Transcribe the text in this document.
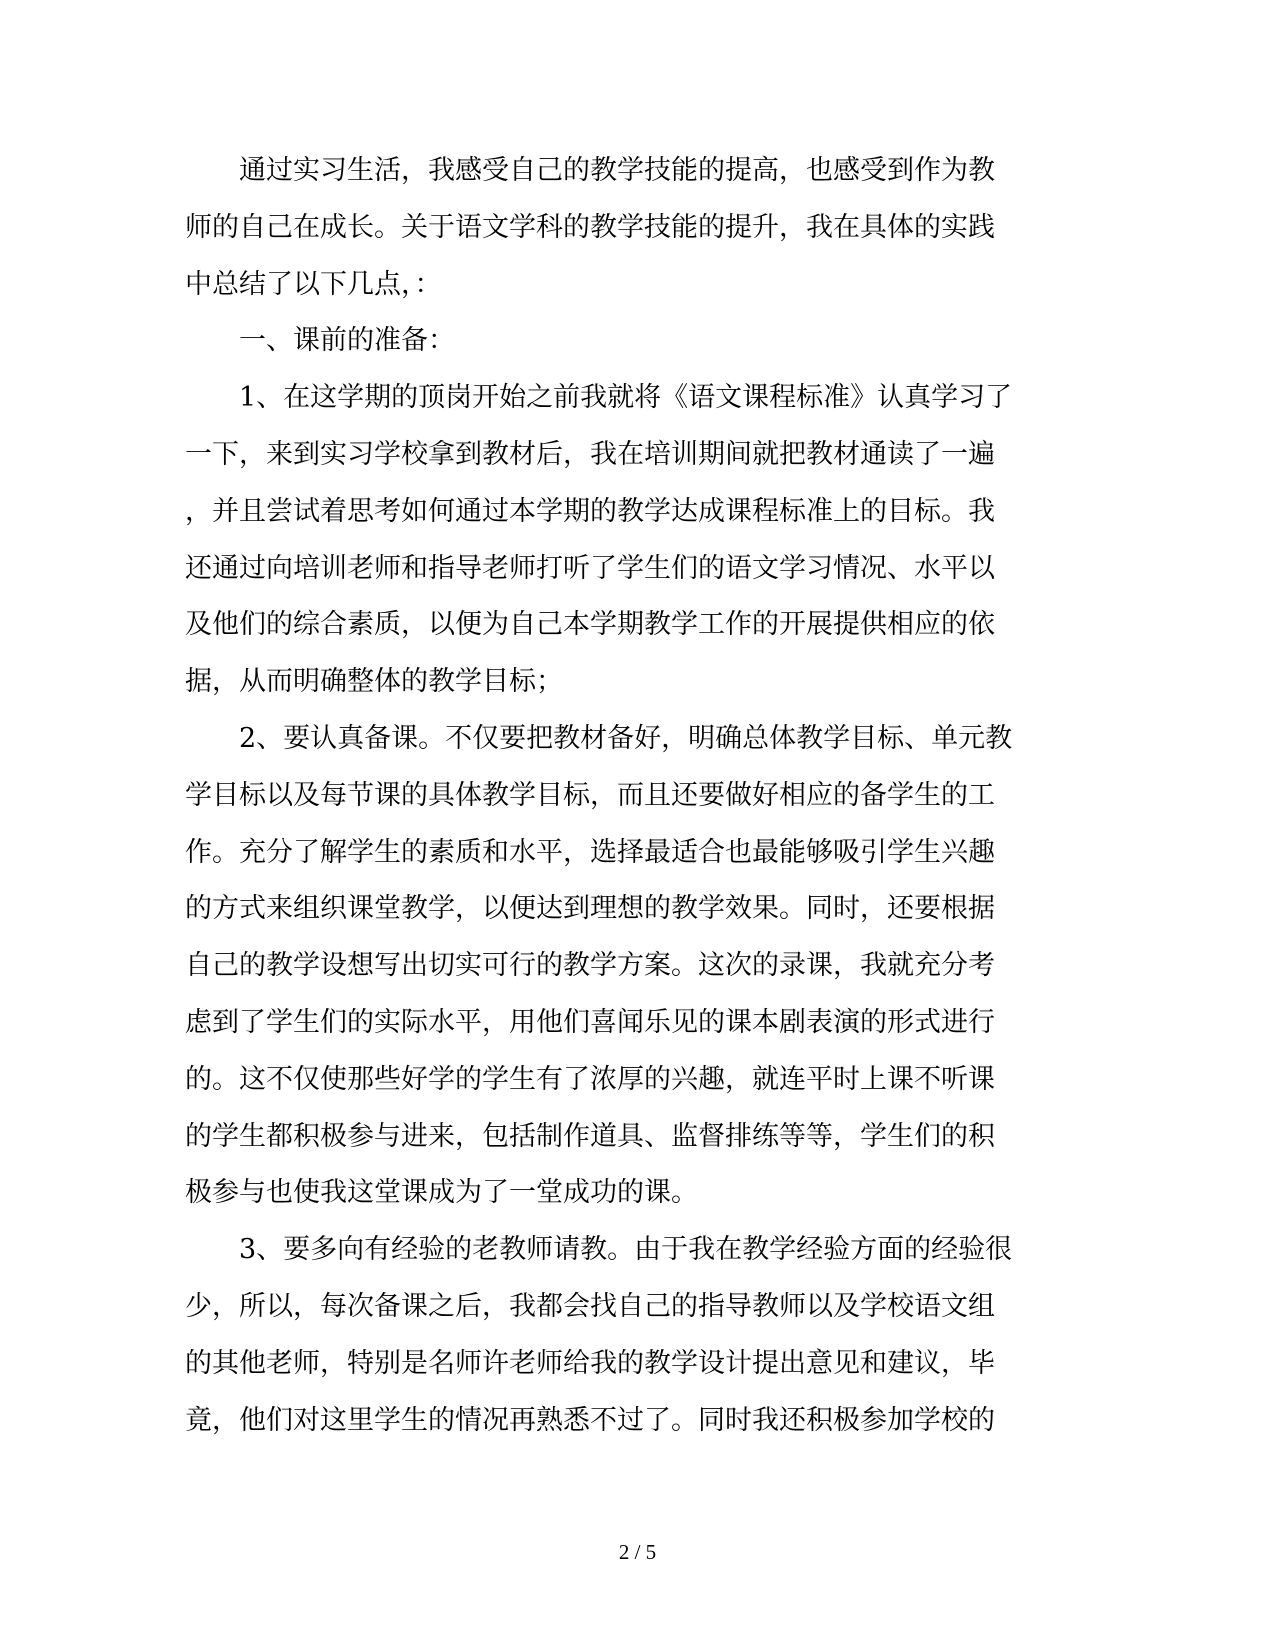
　　通过实习生活，我感受自己的教学技能的提高，也感受到作为教
师的自己在成长。关于语文学科的教学技能的提升，我在具体的实践
中总结了以下几点，：
　　一、课前的准备：
　　1、在这学期的顶岗开始之前我就将《语文课程标准》认真学习了
一下，来到实习学校拿到教材后，我在培训期间就把教材通读了一遍
，并且尝试着思考如何通过本学期的教学达成课程标准上的目标。我
还通过向培训老师和指导老师打听了学生们的语文学习情况、水平以
及他们的综合素质，以便为自己本学期教学工作的开展提供相应的依
据，从而明确整体的教学目标；
　　2、要认真备课。不仅要把教材备好，明确总体教学目标、单元教
学目标以及每节课的具体教学目标，而且还要做好相应的备学生的工
作。充分了解学生的素质和水平，选择最适合也最能够吸引学生兴趣
的方式来组织课堂教学，以便达到理想的教学效果。同时，还要根据
自己的教学设想写出切实可行的教学方案。这次的录课，我就充分考
虑到了学生们的实际水平，用他们喜闻乐见的课本剧表演的形式进行
的。这不仅使那些好学的学生有了浓厚的兴趣，就连平时上课不听课
的学生都积极参与进来，包括制作道具、监督排练等等，学生们的积
极参与也使我这堂课成为了一堂成功的课。
　　3、要多向有经验的老教师请教。由于我在教学经验方面的经验很
少，所以，每次备课之后，我都会找自己的指导教师以及学校语文组
的其他老师，特别是名师许老师给我的教学设计提出意见和建议，毕
竟，他们对这里学生的情况再熟悉不过了。同时我还积极参加学校的
2 / 5
